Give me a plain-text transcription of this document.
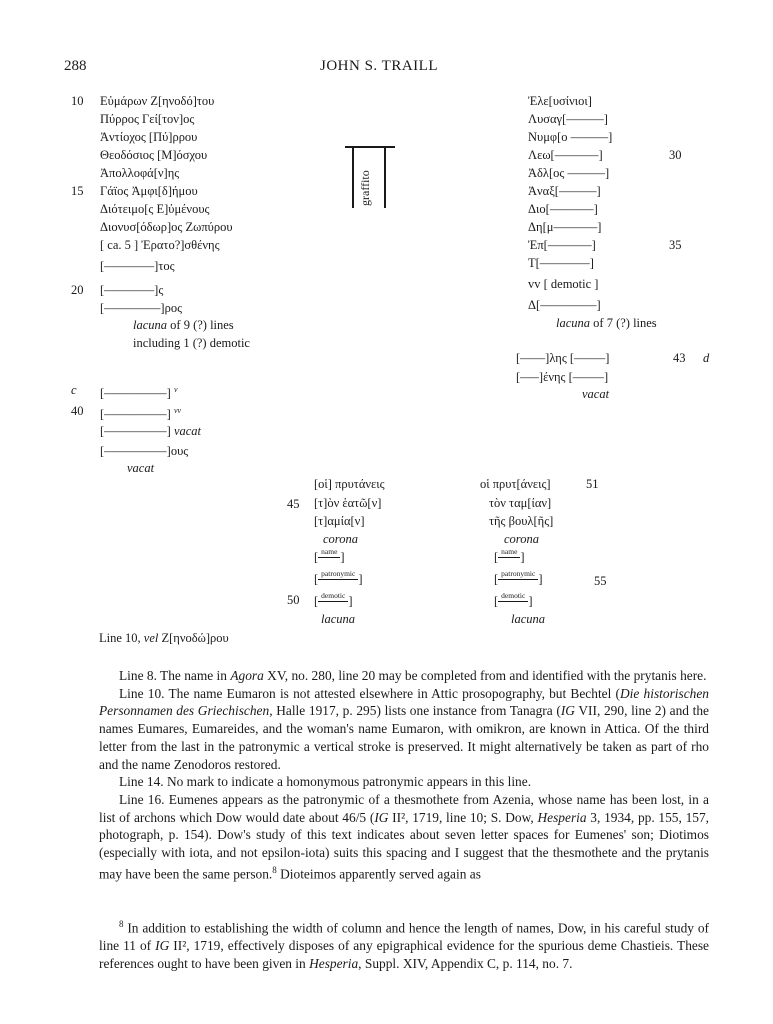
288	JOHN S. TRAILL
10
15
20
Εὐμάρων Ζ[ηνοδό]του
Πύρρος Γεί[τον]ος
Ἀντίοχος [Πύ]ρρου
Θεοδόσιος [Μ]όσχου
Ἀπολλοφά[ν]ης
Γάϊος Ἀμφι[δ]ήμου
Διότειμο[ς Ε]ὐμένους
Διονυσ[όδωρ]ος Ζωπύρου
[ ca. 5 ] Ἐρατο?]σθένης
[‒‒‒‒‒‒‒‒]τος
[‒‒‒‒‒‒‒‒]ς
[‒‒‒‒‒‒‒‒‒]ρος
lacuna of 9 (?) lines
including 1 (?) demotic
graffito
Ἐλε[υσίνιοι]
Λυσαγ[‒‒‒‒‒‒]
Νυμφ[ο ‒‒‒‒‒‒]
Λεω[‒‒‒‒‒‒‒]
Ἀδλ[ος ‒‒‒‒‒‒]
Ἀναξ[‒‒‒‒‒‒]
Διο[‒‒‒‒‒‒‒]
Δη[μ‒‒‒‒‒‒‒]
Ἐπ[‒‒‒‒‒‒‒]
Τ[‒‒‒‒‒‒‒‒]
vv [ demotic ]
Δ[‒‒‒‒‒‒‒‒‒]
30
35
lacuna of 7 (?) lines
[‒‒‒‒]λης [‒‒‒‒‒]
[‒‒‒]ένης [‒‒‒‒‒]
43 d
vacat
c
40
[‒‒‒‒‒‒‒‒‒‒] $^v$
[‒‒‒‒‒‒‒‒‒‒] $^{vv}$
[‒‒‒‒‒‒‒‒‒‒] vacat
[‒‒‒‒‒‒‒‒‒‒]ους
vacat
45
50
[οἱ] πρυτάνεις
[τ]ὸν ἑατῶ[ν]
[τ]αμία[ν]
corona
[ name ]
[ patronymic ]
[ demotic ]
lacuna
οἱ πρυτ[άνεις]
τὸν ταμ[ίαν]
τῆς βουλ[ῆς]
51
55
corona
[ name ]
[ patronymic ]
[ demotic ]
lacuna
Line 10, vel Ζ[ηνοδώ]ρου

Line 8. The name in Agora XV, no. 280, line 20 may be completed from and identified with the prytanis here.

Line 10. The name Eumaron is not attested elsewhere in Attic prosopography, but Bechtel (Die historischen Personnamen des Griechischen, Halle 1917, p. 295) lists one instance from Tanagra (IG VII, 290, line 2) and the names Eumares, Eumareides, and the woman's name Eumaron, with omikron, are known in Attica. Of the third letter from the last in the patronymic a vertical stroke is preserved. It might alternatively be taken as part of rho and the name Zenodoros restored.

Line 14. No mark to indicate a homonymous patronymic appears in this line.

Line 16. Eumenes appears as the patronymic of a thesmothete from Azenia, whose name has been lost, in a list of archons which Dow would date about 46/5 (IG II², 1719, line 10; S. Dow, Hesperia 3, 1934, pp. 155, 157, photograph, p. 154). Dow's study of this text indicates about seven letter spaces for Eumenes' son; Diotimos (especially with iota, and not epsilon-iota) suits this spacing and I suggest that the thesmothete and the prytanis may have been the same person.$^8$ Dioteimos apparently served again as

$^8$ In addition to establishing the width of column and hence the length of names, Dow, in his careful study of line 11 of IG II², 1719, effectively disposes of any epigraphical evidence for the spurious deme Chastieis. These references ought to have been given in Hesperia, Suppl. XIV, Appendix C, p. 114, no. 7.
